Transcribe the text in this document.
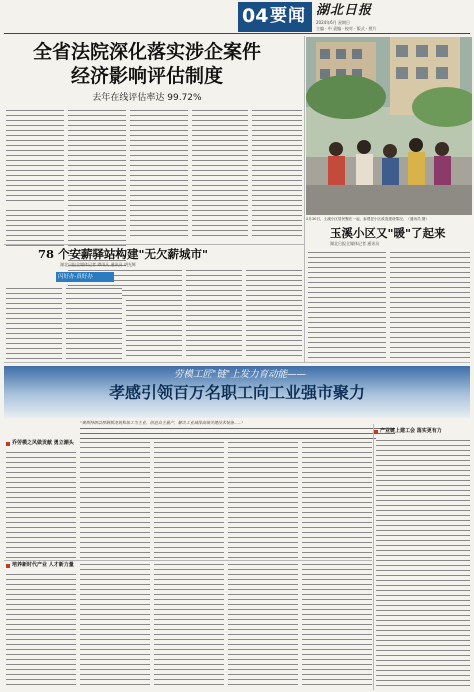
04 要闻 湖北日报
2024年6月 星期日
主编 · 中 责编 · 校对 · 版式 · 照片
全省法院深化落实涉企案件
经济影响评估制度
去年在线评估率达 99.72%
5月30日，土溪小区居民聚在一起，参观老小区改造建设情况。（通讯员 摄）
玉溪小区又"暖"了起来
湖北日报全媒体记者 通讯员
78 个安薪驿站构建"无欠薪城市"
湖北日报全媒体记者 谭雨凡 通讯员 胡光辉
闪好办·真好办
劳模工匠"链"上发力育动能——
孝感引领百万名职工向工业强市聚力
"奥斯特朗以厚钢板浇筑和加工为主业，创造自主量产，解决工业减排高端关键技术装备......"
乔劳模之风做贡献 勇立潮头
产业链上建工会 落实更有力
培养新时代产业 人才新力量
